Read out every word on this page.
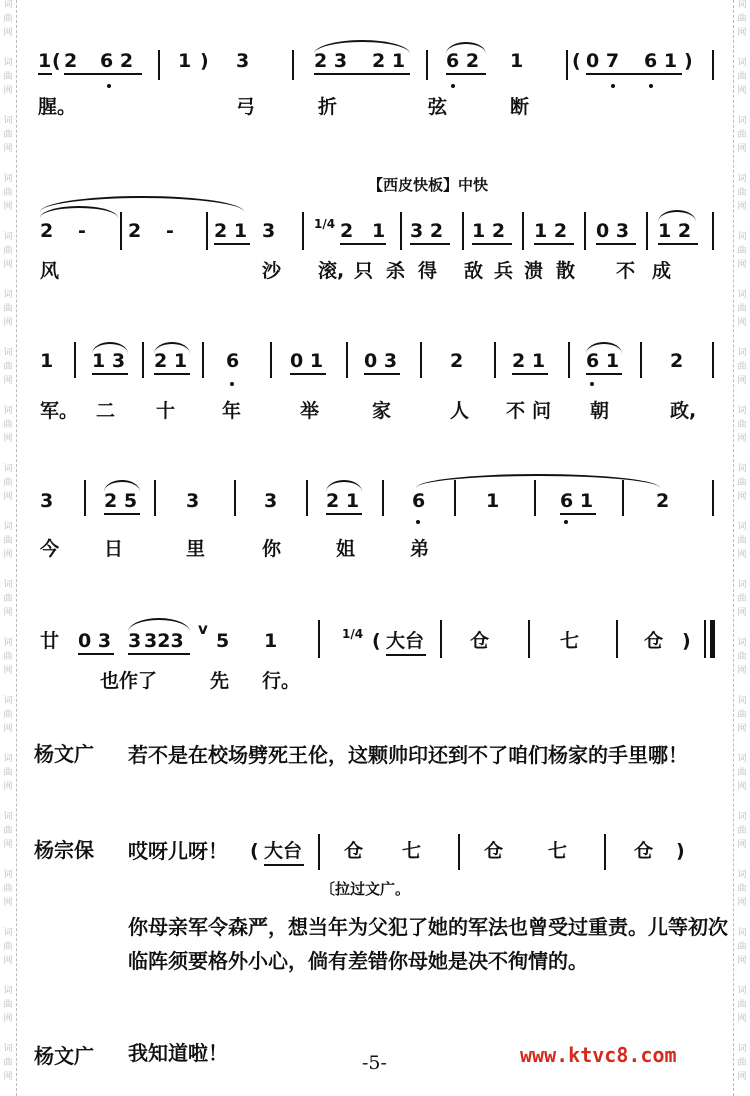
词
曲
网
词
曲
网
词
曲
网
词
曲
网
词
曲
网
词
曲
网
词
曲
网
词
曲
网
词
曲
网
词
曲
网
词
曲
网
词
曲
网
词
曲
网
词
曲
网
词
曲
网
词
曲
网
词
曲
网
词
曲
网
词
曲
网
词
曲
网
词
曲
网
词
曲
网
词
曲
网
词
曲
网
词
曲
网
词
曲
网
词
曲
网
词
曲
网
词
曲
网
词
曲
网
词
曲
网
词
曲
网
词
曲
网
词
曲
网
词
曲
网
词
曲
网
词
曲
网
词
曲
网
1 ( 2 6 2 1 ) 3	2 3 2 1 6 2 1	( 0 7 6 1 )
腥。	弓	折	弦	断
【西皮快板】中快
2 - 2 - 2 1 3	1/4 2 1 3 2 1 2 1 2 0 3 1 2
风	沙 滚, 只 杀 得 敌 兵 溃 散 不 成
1 1 3 2 1 6	0 1 0 3	2	2 1 6 1	2
军。 二 十 年	举	家	人 不 问 朝	政,
3	2 5	3	3	2 1	6	1	6 1	2
今 日	里	你	姐	弟
廿 0 3 3 323
v
5 1	1/4 ( 大台 仓	七	仓 )
也作了	先 行。
杨文广 若不是在校场劈死王伦，这颗帅印还到不了咱们杨家的手里哪！
杨宗保 哎呀儿呀！ ( 大台 仓 七	仓 七	仓 )
〔拉过文广。
你母亲军令森严，想当年为父犯了她的军法也曾受过重责。儿等初次临阵须要格外小心，倘有差错你母她是决不徇情的。
杨文广 我知道啦！	-5-	www.ktvc8.com
